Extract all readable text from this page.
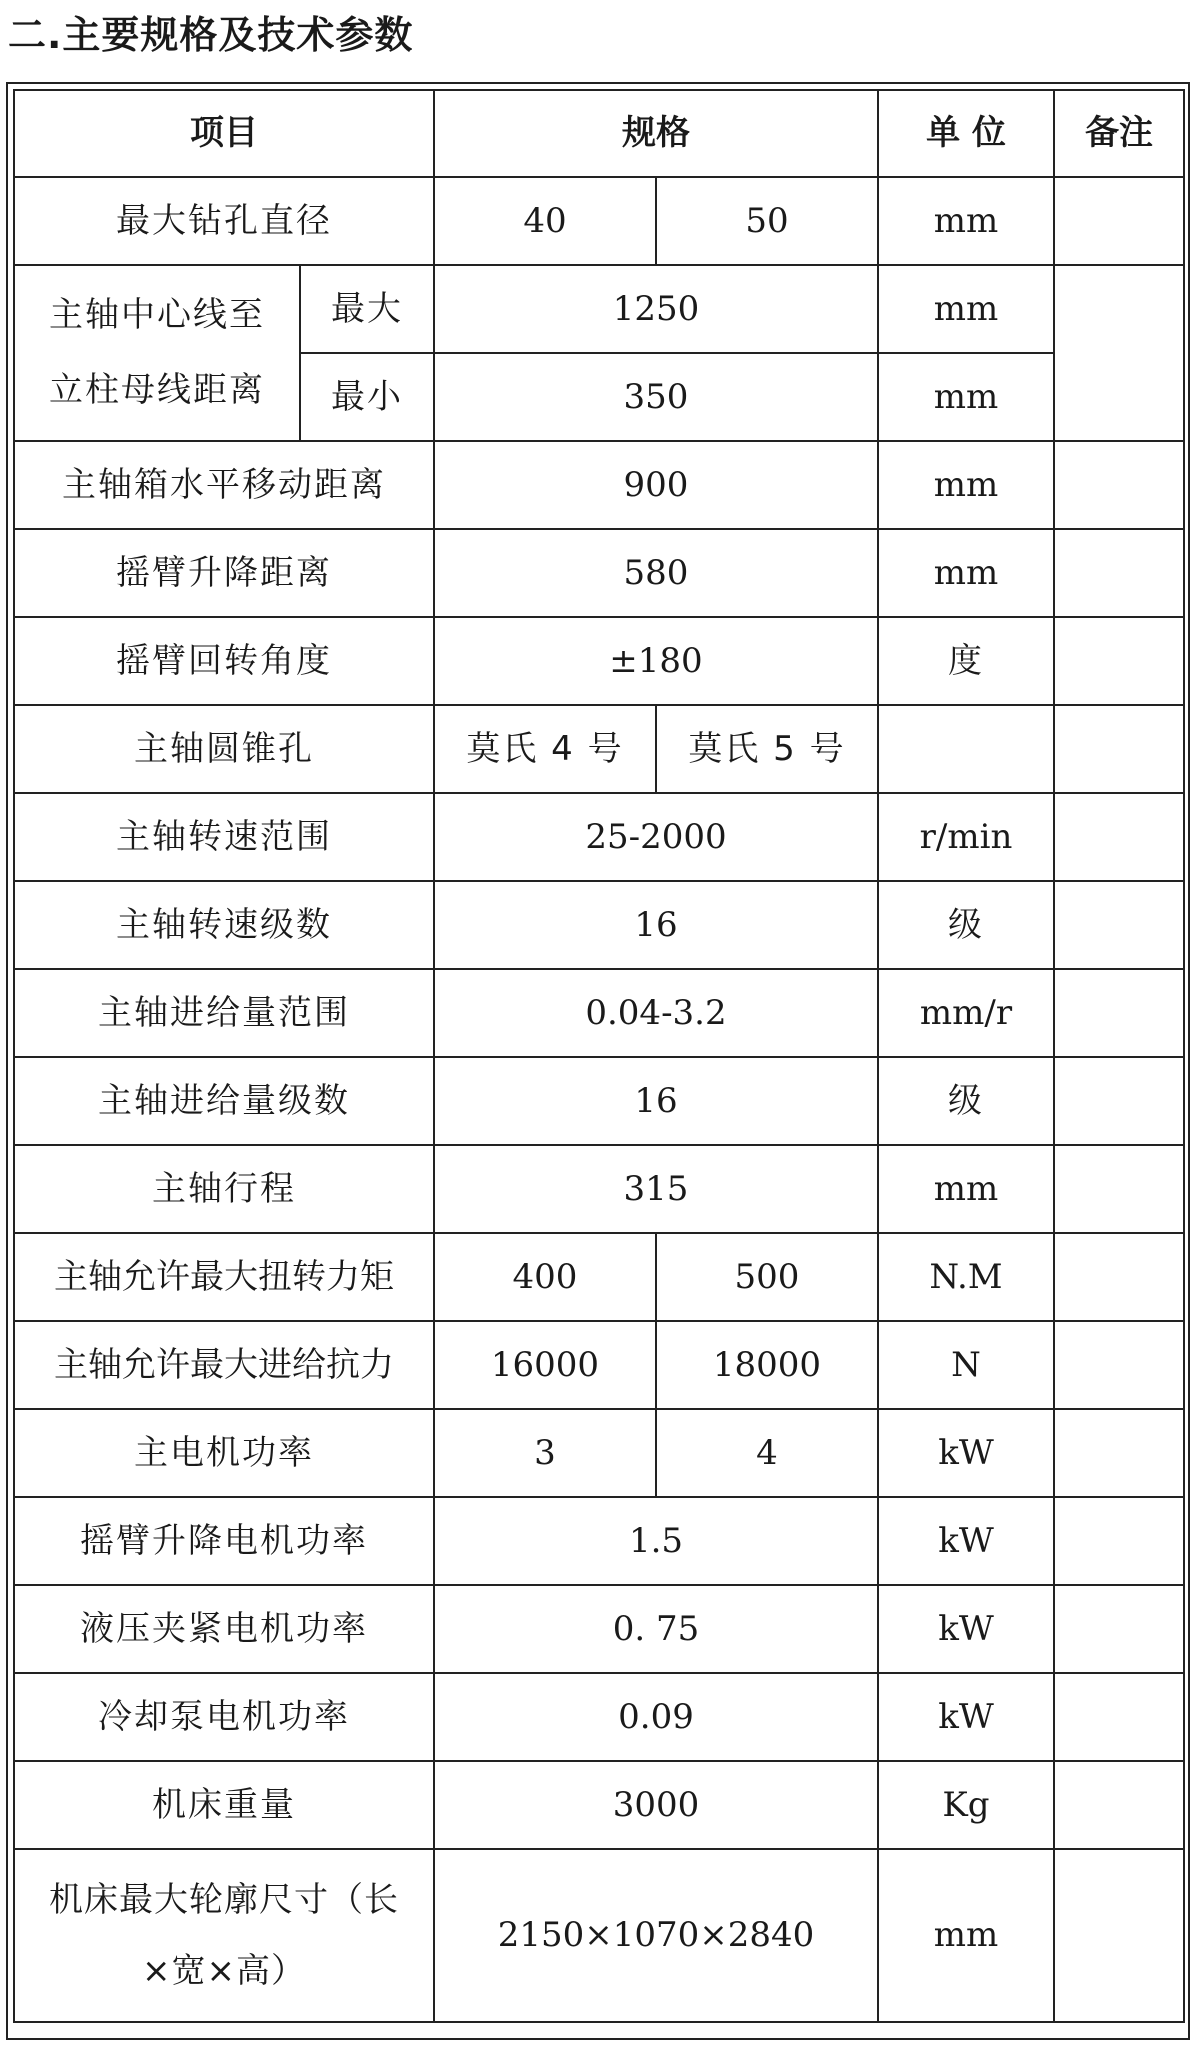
二.主要规格及技术参数
项目		规格		单 位	备注
最大钻孔直径		40	50	mm	

主轴中心线至
立柱母线距离	最大	1250		mm	
	最小	350		mm	
主轴箱水平移动距离		900		mm	
摇臂升降距离		580		mm	
摇臂回转角度		±180		度	
主轴圆锥孔		莫氏 4 号	莫氏 5 号		
主轴转速范围		25-2000		r/min	
主轴转速级数		16		级	
主轴进给量范围		0.04-3.2		mm/r	
主轴进给量级数		16		级	
主轴行程		315		mm	
主轴允许最大扭转力矩		400	500	N.M	
主轴允许最大进给抗力		16000	18000	N	
主电机功率		3	4	kW	
摇臂升降电机功率		1.5		kW	
液压夹紧电机功率		0. 75		kW	
冷却泵电机功率		0.09		kW	
机床重量		3000		Kg	

机床最大轮廓尺寸（长
×宽×高）		2150×1070×2840		mm	
